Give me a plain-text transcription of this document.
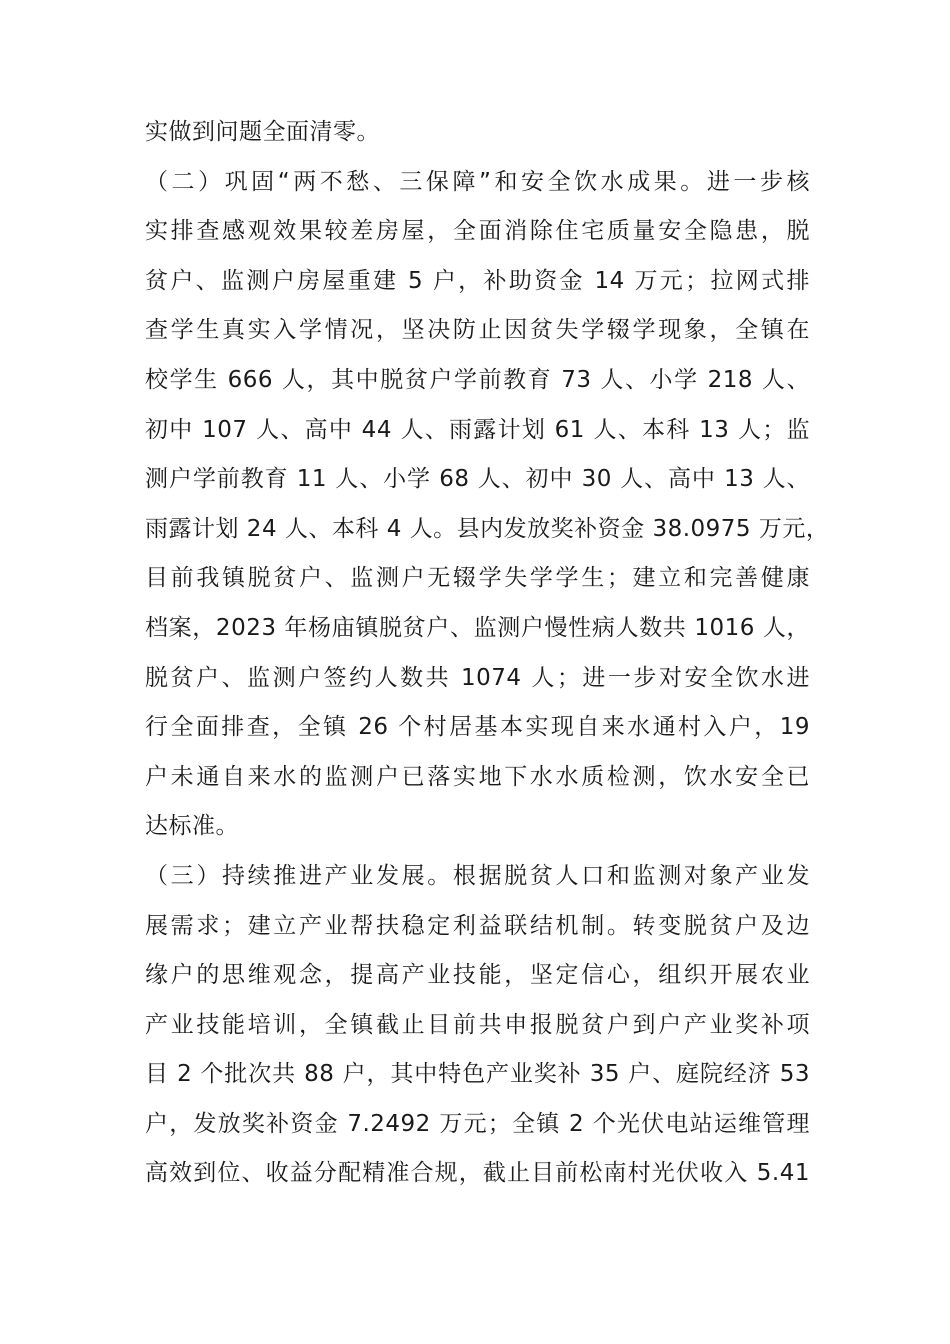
实做到问题全面清零。
（二）巩固“两不愁、三保障”和安全饮水成果。进一步核
实排查感观效果较差房屋，全面消除住宅质量安全隐患，脱
贫户、监测户房屋重建 5 户，补助资金 14 万元；拉网式排
查学生真实入学情况，坚决防止因贫失学辍学现象，全镇在
校学生 666 人，其中脱贫户学前教育 73 人、小学 218 人、
初中 107 人、高中 44 人、雨露计划 61 人、本科 13 人；监
测户学前教育 11 人、小学 68 人、初中 30 人、高中 13 人、
雨露计划 24 人、本科 4 人。县内发放奖补资金 38.0975 万元，
目前我镇脱贫户、监测户无辍学失学学生；建立和完善健康
档案，2023 年杨庙镇脱贫户、监测户慢性病人数共 1016 人，
脱贫户、监测户签约人数共 1074 人；进一步对安全饮水进
行全面排查，全镇 26 个村居基本实现自来水通村入户，19
户未通自来水的监测户已落实地下水水质检测，饮水安全已
达标准。
（三）持续推进产业发展。根据脱贫人口和监测对象产业发
展需求；建立产业帮扶稳定利益联结机制。转变脱贫户及边
缘户的思维观念，提高产业技能，坚定信心，组织开展农业
产业技能培训，全镇截止目前共申报脱贫户到户产业奖补项
目 2 个批次共 88 户，其中特色产业奖补 35 户、庭院经济 53
户，发放奖补资金 7.2492 万元；全镇 2 个光伏电站运维管理
高效到位、收益分配精准合规，截止目前松南村光伏收入 5.41
